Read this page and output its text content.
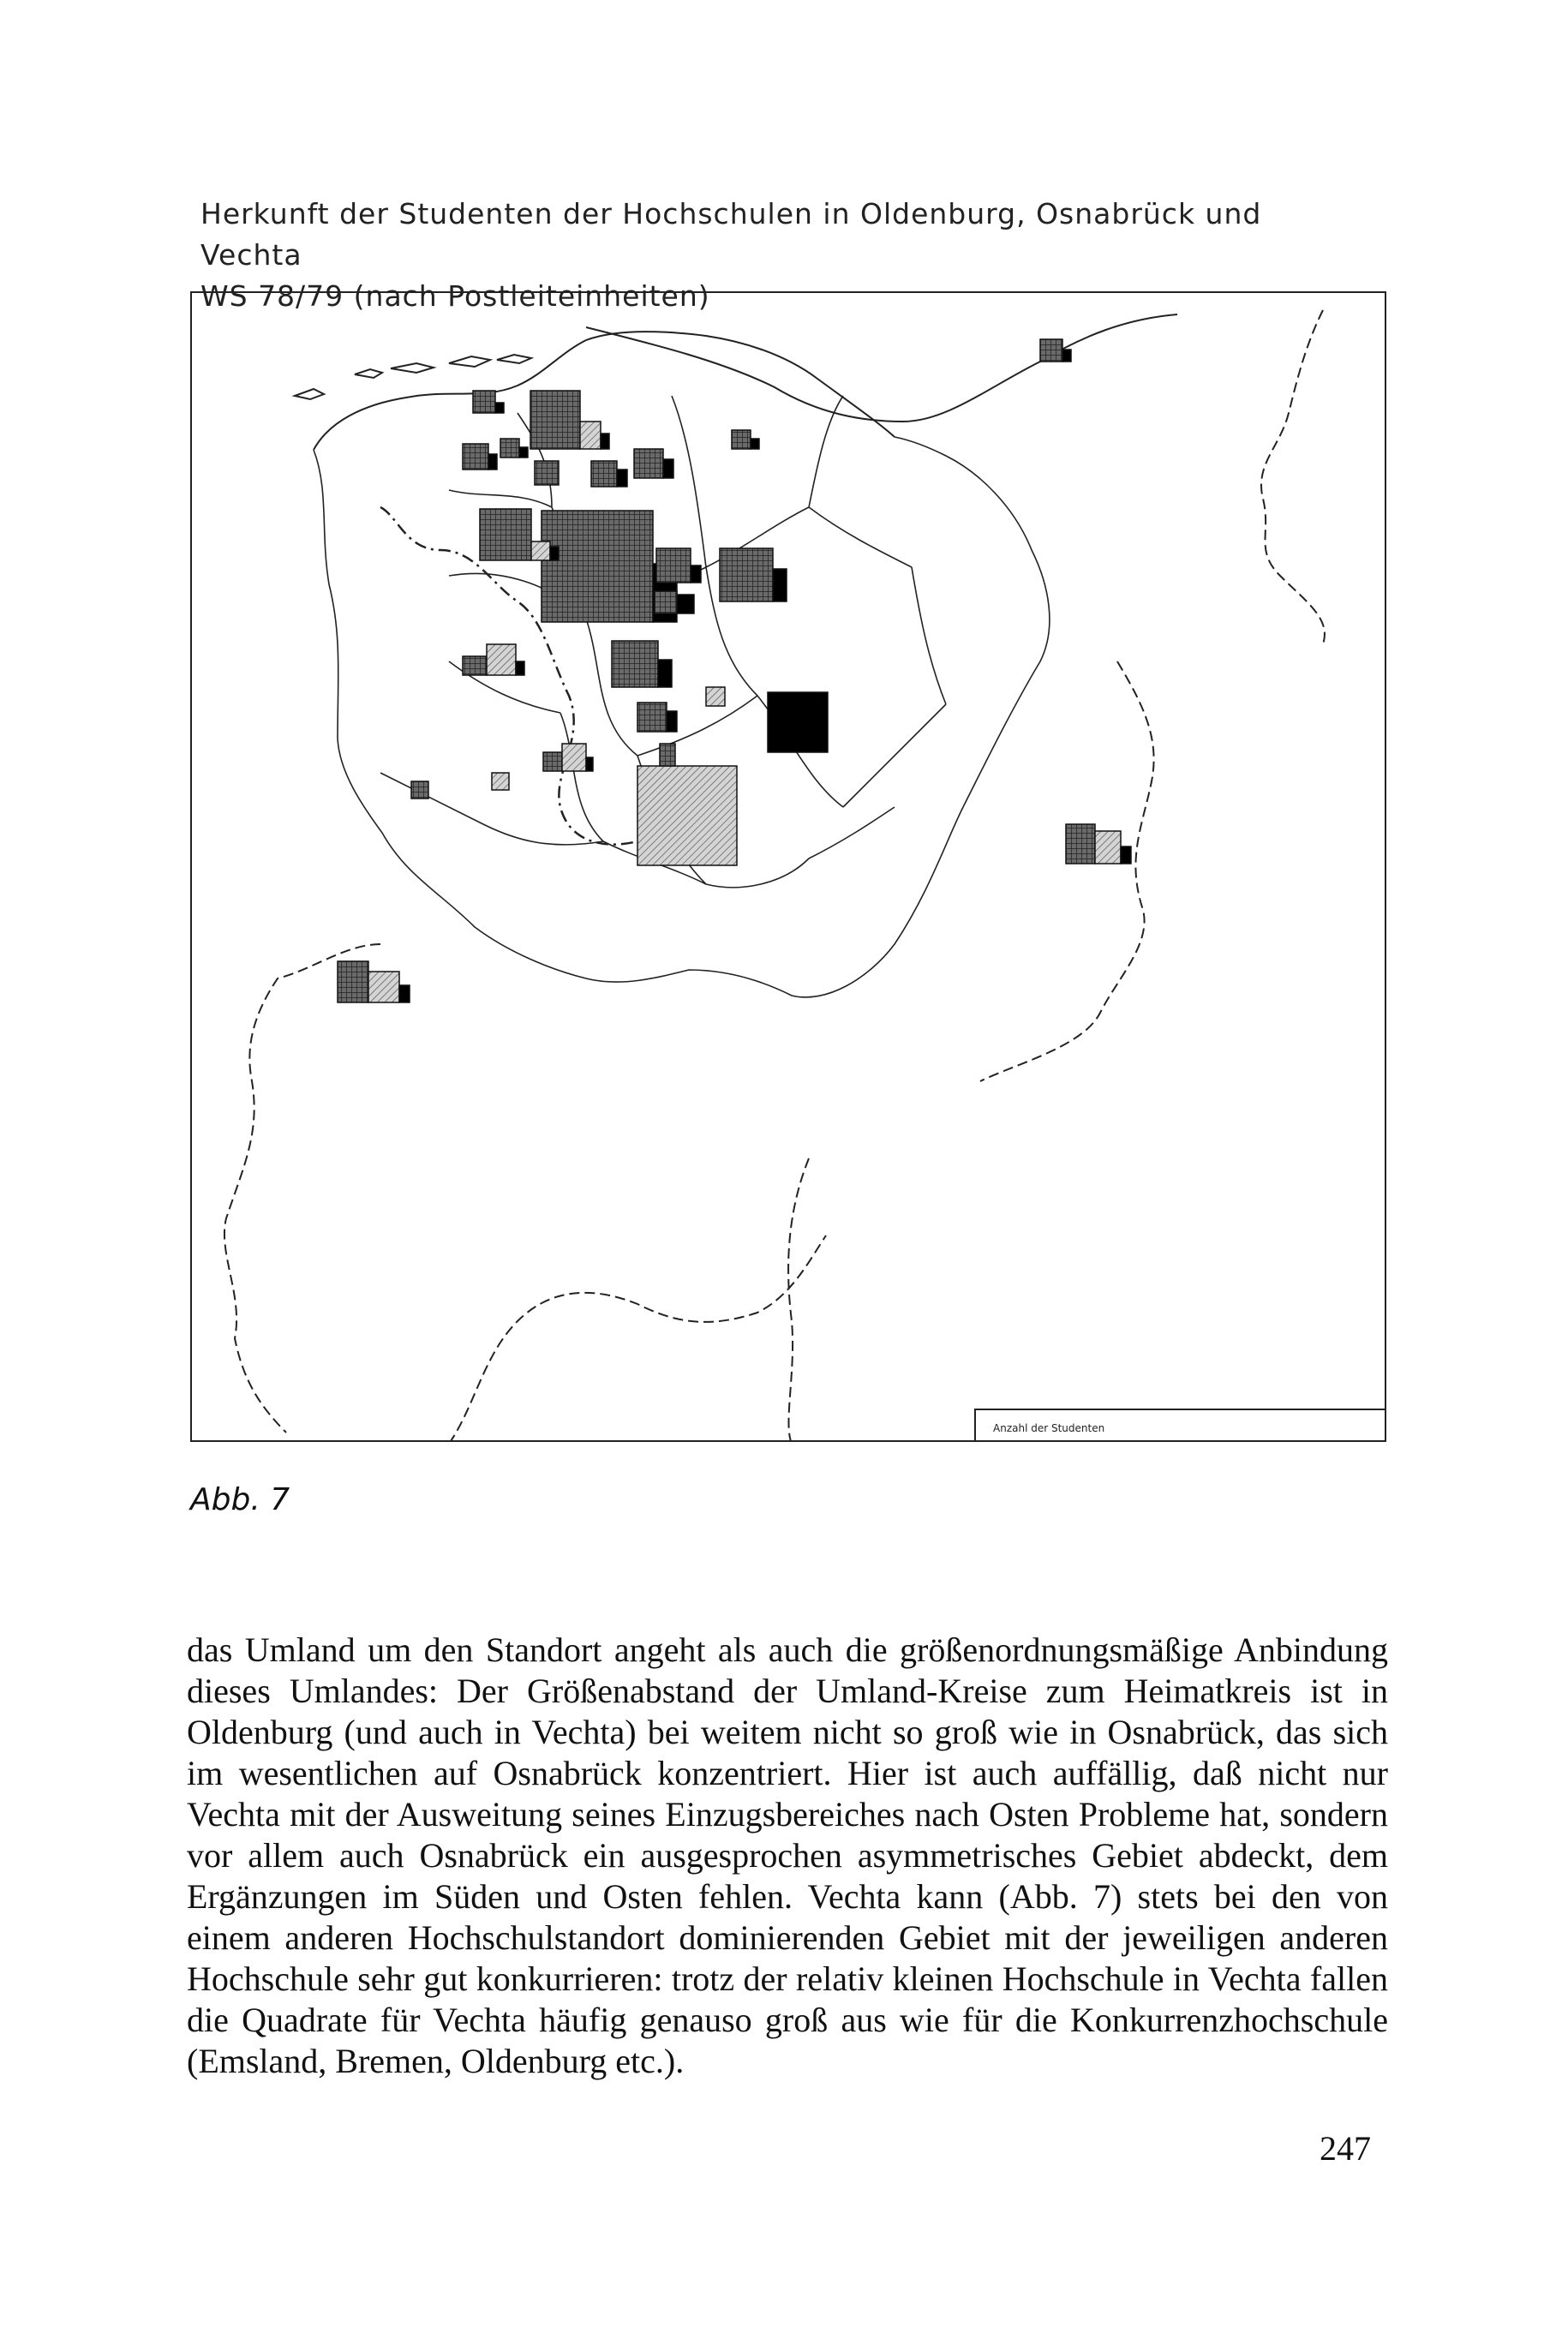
Herkunft der Studenten der Hochschulen in Oldenburg, Osnabrück und Vechta
WS 78/79 (nach Postleiteinheiten)
Anzahl der Studenten
Abb. 7
das Umland um den Standort angeht als auch die größenordnungsmäßige Anbindung dieses Umlandes: Der Größenabstand der Umland-Kreise zum Heimatkreis ist in Oldenburg (und auch in Vechta) bei weitem nicht so groß wie in Osnabrück, das sich im wesentlichen auf Osnabrück konzentriert. Hier ist auch auffällig, daß nicht nur Vechta mit der Ausweitung seines Einzugsbereiches nach Osten Probleme hat, sondern vor allem auch Osnabrück ein ausgesprochen asymmetrisches Gebiet abdeckt, dem Ergänzungen im Süden und Osten fehlen. Vechta kann (Abb. 7) stets bei den von einem anderen Hochschulstandort dominierenden Gebiet mit der jeweiligen anderen Hochschule sehr gut konkurrieren: trotz der relativ kleinen Hochschule in Vechta fallen die Quadrate für Vechta häufig genauso groß aus wie für die Konkurrenzhochschule (Emsland, Bremen, Oldenburg etc.).
247
